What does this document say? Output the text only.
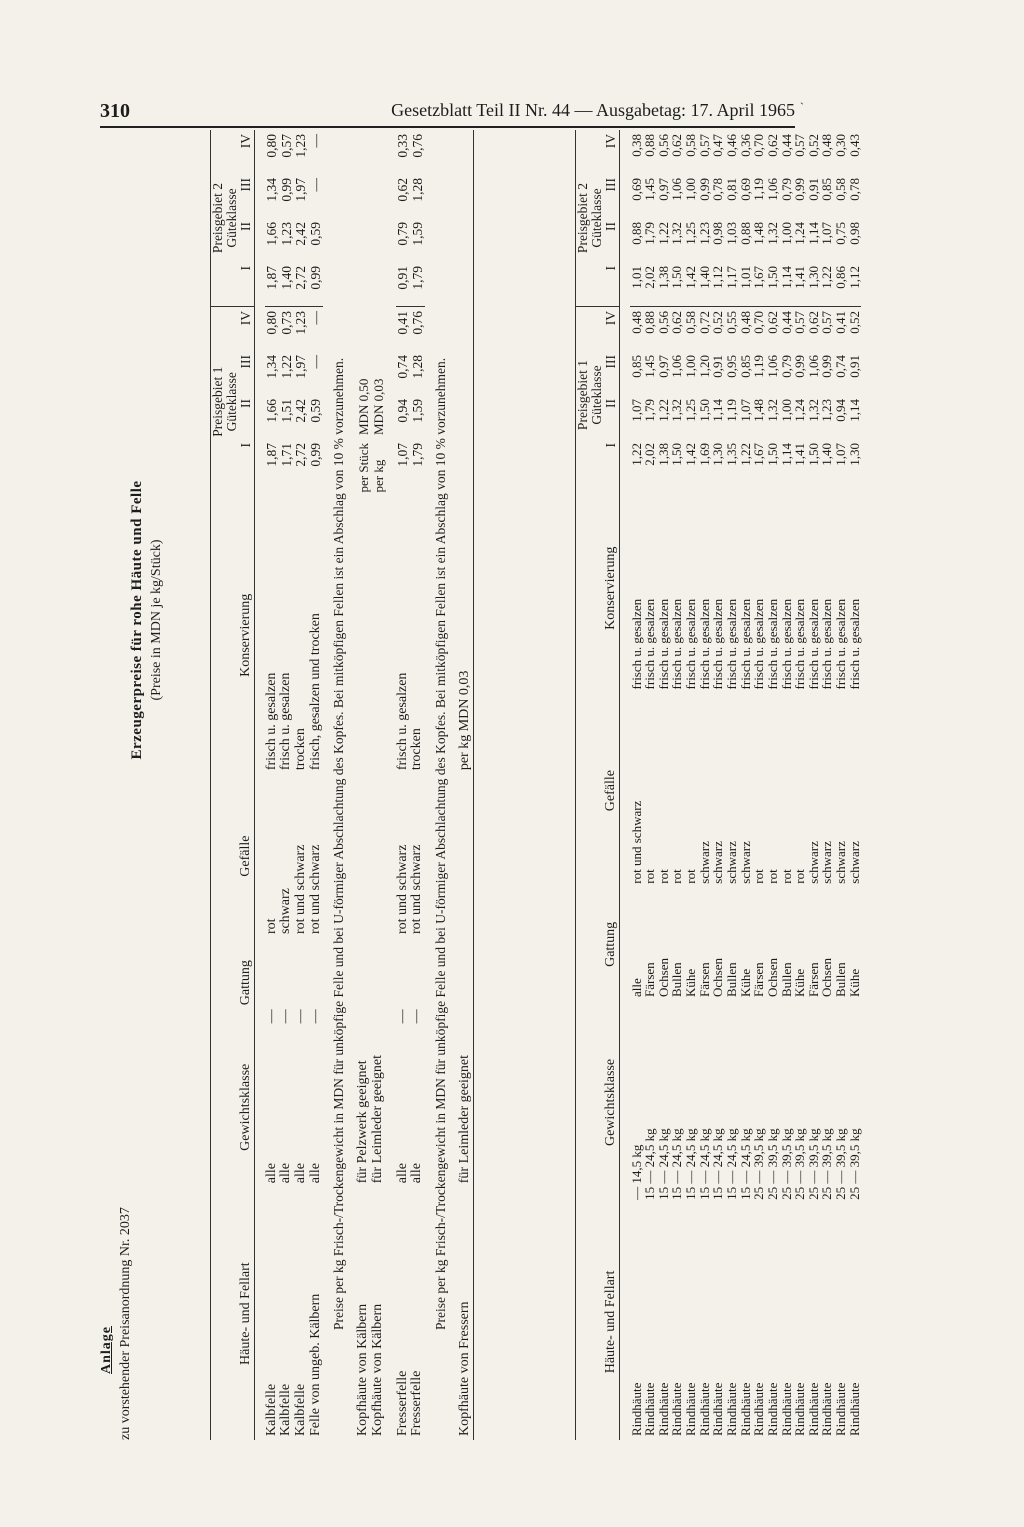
310	Gesetzblatt Teil II Nr. 44 — Ausgabetag: 17. April 1965 `
Anlage zu vorstehender Preisanordnung Nr. 2037
Erzeugerpreise für rohe Häute und Felle (Preise in MDN je kg/Stück)
Häute- und Fellart	Gewichtsklasse	Gattung	Gefälle	Konservierung	Preisgebiet 1				Preisgebiet 2			
					Güteklasse				Güteklasse			
					I	II	III	IV	I	II	III	IV

Kalbfelle	alle	—	rot	frisch u. gesalzen	1,87	1,66	1,34	0,80	1,87	1,66	1,34	0,80
Kalbfelle	alle	—	schwarz	frisch u. gesalzen	1,71	1,51	1,22	0,73	1,40	1,23	0,99	0,57
Kalbfelle	alle	—	rot und schwarz	trocken	2,72	2,42	1,97	1,23	2,72	2,42	1,97	1,23
Felle von ungeb. Kälbern	alle	—	rot und schwarz	frisch, gesalzen und trocken	0,99	0,59	—	—	0,99	0,59	—	—
Preise per kg Frisch-/Trockengewicht in MDN für unköpfige Felle und bei U-förmiger Abschlachtung des Kopfes. Bei mitköpfigen Fellen ist ein Abschlag von 10 % vorzunehmen.												
Kopfhäute von Kälbern	für Pelzwerk geeignet				per Stück	MDN 0,50						
Kopfhäute von Kälbern	für Leimleder geeignet				per kg	MDN 0,03						

Fresserfelle	alle	—	rot und schwarz	frisch u. gesalzen	1,07	0,94	0,74	0,41	0,91	0,79	0,62	0,33
Fresserfelle	alle	—	rot und schwarz	trocken	1,79	1,59	1,28	0,76	1,79	1,59	1,28	0,76
Preise per kg Frisch-/Trockengewicht in MDN für unköpfige Felle und bei U-förmiger Abschlachtung des Kopfes. Bei mitköpfigen Fellen ist ein Abschlag von 10 % vorzunehmen.												
Kopfhäute von Fressern	für Leimleder geeignet			per kg MDN 0,03								
Häute- und Fellart	Gewichtsklasse	Gattung	Gefälle	Konservierung	Preisgebiet 1				Preisgebiet 2			
					Güteklasse				Güteklasse			
					I	II	III	IV	I	II	III	IV

Rindhäute	— 14,5 kg	alle	rot und schwarz	frisch u. gesalzen	1,22	1,07	0,85	0,48	1,01	0,88	0,69	0,38
Rindhäute	15 — 24,5 kg	Färsen	rot	frisch u. gesalzen	2,02	1,79	1,45	0,88	2,02	1,79	1,45	0,88
Rindhäute	15 — 24,5 kg	Ochsen	rot	frisch u. gesalzen	1,38	1,22	0,97	0,56	1,38	1,22	0,97	0,56
Rindhäute	15 — 24,5 kg	Bullen	rot	frisch u. gesalzen	1,50	1,32	1,06	0,62	1,50	1,32	1,06	0,62
Rindhäute	15 — 24,5 kg	Kühe	rot	frisch u. gesalzen	1,42	1,25	1,00	0,58	1,42	1,25	1,00	0,58
Rindhäute	15 — 24,5 kg	Färsen	schwarz	frisch u. gesalzen	1,69	1,50	1,20	0,72	1,40	1,23	0,99	0,57
Rindhäute	15 — 24,5 kg	Ochsen	schwarz	frisch u. gesalzen	1,30	1,14	0,91	0,52	1,12	0,98	0,78	0,47
Rindhäute	15 — 24,5 kg	Bullen	schwarz	frisch u. gesalzen	1,35	1,19	0,95	0,55	1,17	1,03	0,81	0,46
Rindhäute	15 — 24,5 kg	Kühe	schwarz	frisch u. gesalzen	1,22	1,07	0,85	0,48	1,01	0,88	0,69	0,36
Rindhäute	25 — 39,5 kg	Färsen	rot	frisch u. gesalzen	1,67	1,48	1,19	0,70	1,67	1,48	1,19	0,70
Rindhäute	25 — 39,5 kg	Ochsen	rot	frisch u. gesalzen	1,50	1,32	1,06	0,62	1,50	1,32	1,06	0,62
Rindhäute	25 — 39,5 kg	Bullen	rot	frisch u. gesalzen	1,14	1,00	0,79	0,44	1,14	1,00	0,79	0,44
Rindhäute	25 — 39,5 kg	Kühe	rot	frisch u. gesalzen	1,41	1,24	0,99	0,57	1,41	1,24	0,99	0,57
Rindhäute	25 — 39,5 kg	Färsen	schwarz	frisch u. gesalzen	1,50	1,32	1,06	0,62	1,30	1,14	0,91	0,52
Rindhäute	25 — 39,5 kg	Ochsen	schwarz	frisch u. gesalzen	1,40	1,23	0,99	0,57	1,22	1,07	0,85	0,48
Rindhäute	25 — 39,5 kg	Bullen	schwarz	frisch u. gesalzen	1,07	0,94	0,74	0,41	0,86	0,75	0,58	0,30
Rindhäute	25 — 39,5 kg	Kühe	schwarz	frisch u. gesalzen	1,30	1,14	0,91	0,52	1,12	0,98	0,78	0,43
